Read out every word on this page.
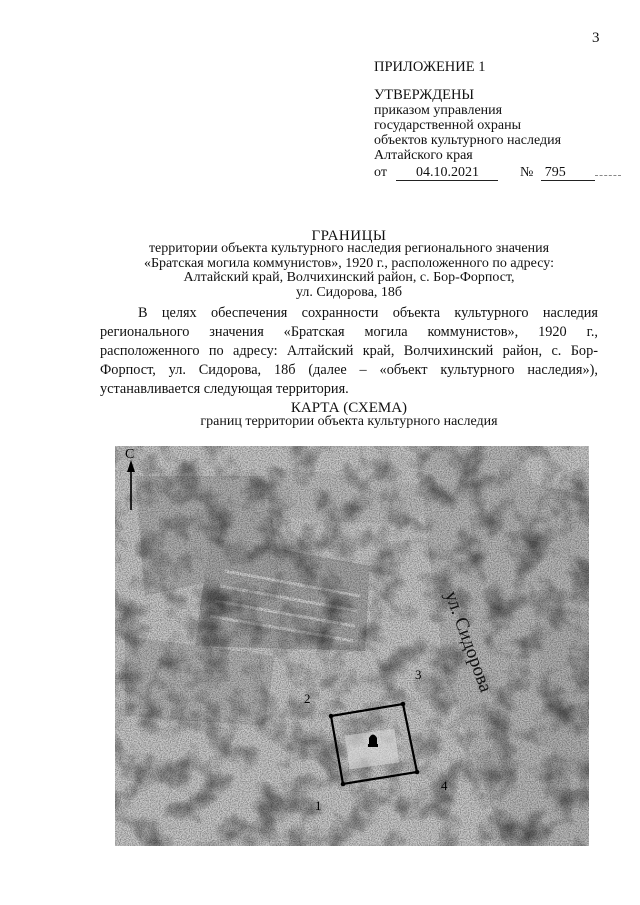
3
ПРИЛОЖЕНИЕ 1
УТВЕРЖДЕНЫ
приказом управления
государственной охраны
объектов культурного наследия
Алтайского края
от 04.10.2021	№ 795
ГРАНИЦЫ
территории объекта культурного наследия регионального значения
«Братская могила коммунистов», 1920 г., расположенного по адресу:
Алтайский край, Волчихинский район, с. Бор-Форпост,
ул. Сидорова, 18б
В целях обеспечения сохранности объекта культурного наследия регионального значения «Братская могила коммунистов», 1920 г., расположенного по адресу: Алтайский край, Волчихинский район, с. Бор-Форпост, ул. Сидорова, 18б (далее – «объект культурного наследия»), устанавливается следующая территория.
КАРТА (СХЕМА)
границ территории объекта культурного наследия
С
ул. Сидорова
1
2
3
4
